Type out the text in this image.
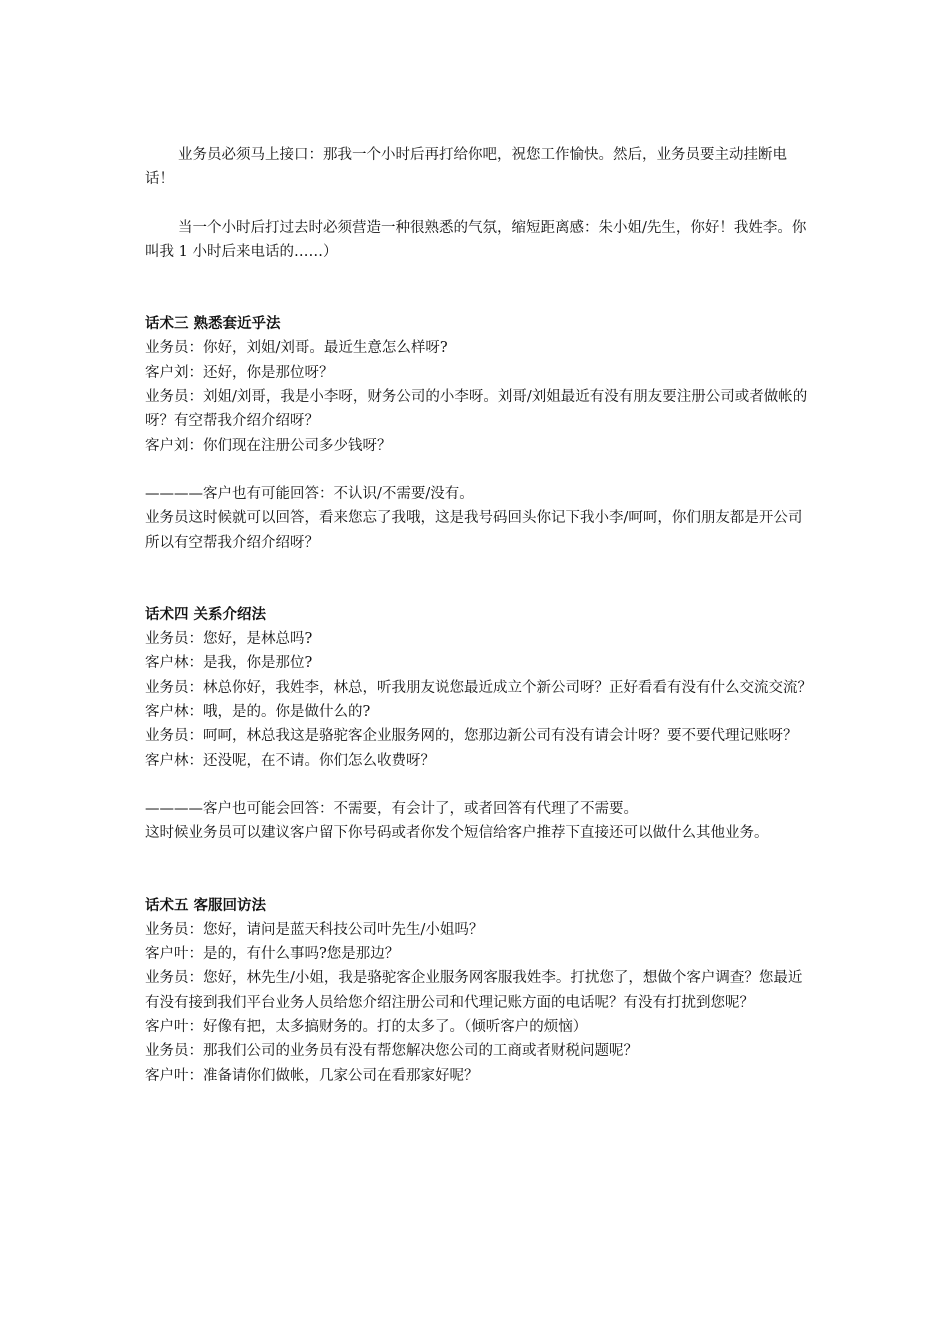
业务员必须马上接口：那我一个小时后再打给你吧，祝您工作愉快。然后，业务员要主动挂断电话！

当一个小时后打过去时必须营造一种很熟悉的气氛，缩短距离感：朱小姐/先生，你好！我姓李。你叫我 1 小时后来电话的……）

话术三 熟悉套近乎法

业务员：你好，刘姐/刘哥。最近生意怎么样呀?

客户刘：还好，你是那位呀？

业务员：刘姐/刘哥，我是小李呀，财务公司的小李呀。刘哥/刘姐最近有没有朋友要注册公司或者做帐的呀？有空帮我介绍介绍呀？

客户刘：你们现在注册公司多少钱呀？

————客户也有可能回答：不认识/不需要/没有。

业务员这时候就可以回答，看来您忘了我哦，这是我号码回头你记下我小李/呵呵，你们朋友都是开公司所以有空帮我介绍介绍呀？

话术四 关系介绍法

业务员：您好，是林总吗?

客户林：是我，你是那位?

业务员：林总你好，我姓李，林总，听我朋友说您最近成立个新公司呀？正好看看有没有什么交流交流？

客户林：哦，是的。你是做什么的?

业务员：呵呵，林总我这是骆驼客企业服务网的，您那边新公司有没有请会计呀？要不要代理记账呀？

客户林：还没呢，在不请。你们怎么收费呀？

————客户也可能会回答：不需要，有会计了，或者回答有代理了不需要。

这时候业务员可以建议客户留下你号码或者你发个短信给客户推荐下直接还可以做什么其他业务。

话术五 客服回访法

业务员：您好，请问是蓝天科技公司叶先生/小姐吗？

客户叶：是的，有什么事吗?您是那边？

业务员：您好，林先生/小姐，我是骆驼客企业服务网客服我姓李。打扰您了，想做个客户调查？您最近有没有接到我们平台业务人员给您介绍注册公司和代理记账方面的电话呢？有没有打扰到您呢？

客户叶：好像有把，太多搞财务的。打的太多了。（倾听客户的烦恼）

业务员：那我们公司的业务员有没有帮您解决您公司的工商或者财税问题呢？

客户叶：准备请你们做帐，几家公司在看那家好呢？
